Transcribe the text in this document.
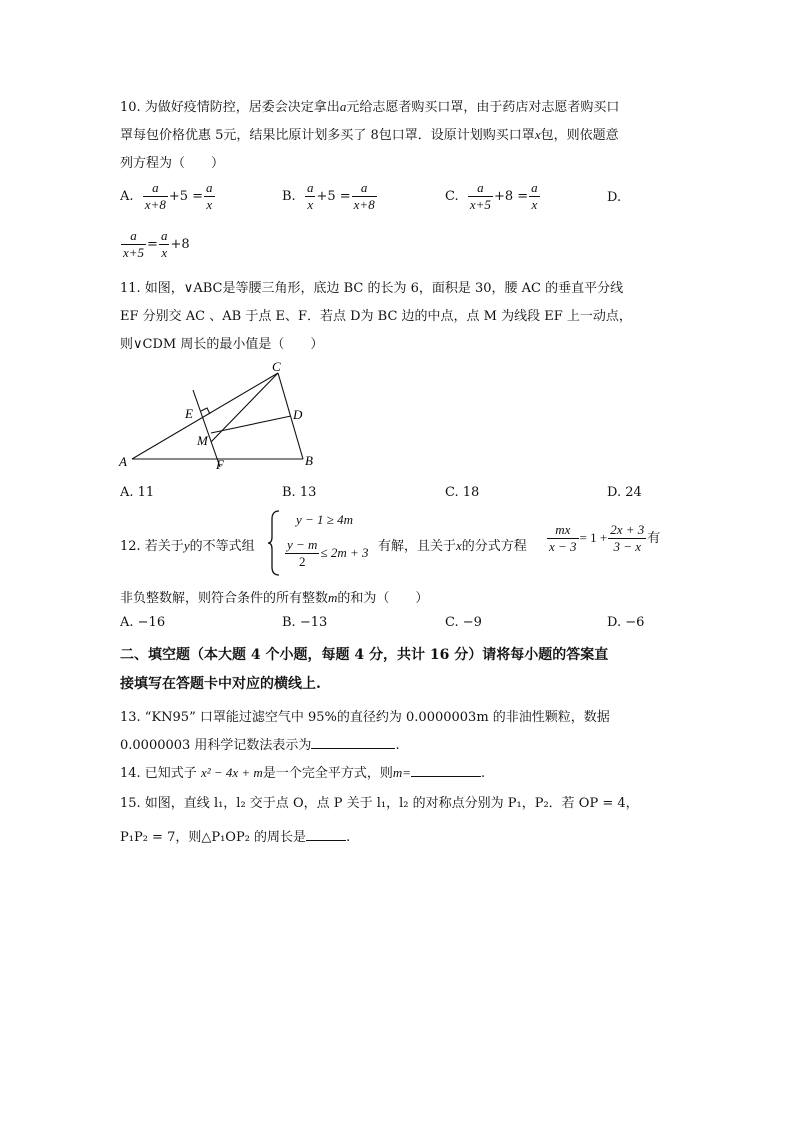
10. 为做好疫情防控，居委会决定拿出a元给志愿者购买口罩，由于药店对志愿者购买口
罩每包价格优惠 5元，结果比原计划多买了 8包口罩．设原计划购买口罩x包，则依题意
列方程为（　　）
A. $\frac{a}{x+8} +5 = \frac{a}{x}$	B. $\frac{a}{x} +5 = \frac{a}{x+8}$	C. $\frac{a}{x+5} +8 = \frac{a}{x}$	D.
$\frac{a}{x+5} = \frac{a}{x} +8$
11. 如图，∨ABC是等腰三角形，底边 BC 的长为 6，面积是 30，腰 AC 的垂直平分线
EF 分别交 AC 、AB 于点 E、F．若点 D为 BC 边的中点，点 M 为线段 EF 上一动点，
则∨CDM 周长的最小值是（　　）
C
E	D
M
A	F	B
A. 11	B. 13	C. 18	D. 24
12. 若关于y的不等式组
y − 1 ≥ 4m
$\frac{y - m}{2} \le 2m + 3$ 有解，且关于x的分式方程 $\frac{mx}{x - 3} = 1 + \frac{2x + 3}{3 - x}$ 有
非负整数解，则符合条件的所有整数m的和为（　　）
A. −16	B. −13	C. −9	D. −6
二、填空题（本大题 4 个小题，每题 4 分，共计 16 分）请将每小题的答案直
接填写在答题卡中对应的横线上.
13. “KN95” 口罩能过滤空气中 95%的直径约为 0.0000003m 的非油性颗粒，数据
0.0000003 用科学记数法表示为	.
14. 已知式子 x² − 4x + m是一个完全平方式，则m=	.
15. 如图，直线 l₁，l₂ 交于点 O，点 P 关于 l₁，l₂ 的对称点分别为 P₁，P₂．若 OP = 4，
P₁P₂ = 7，则△P₁OP₂ 的周长是	.
